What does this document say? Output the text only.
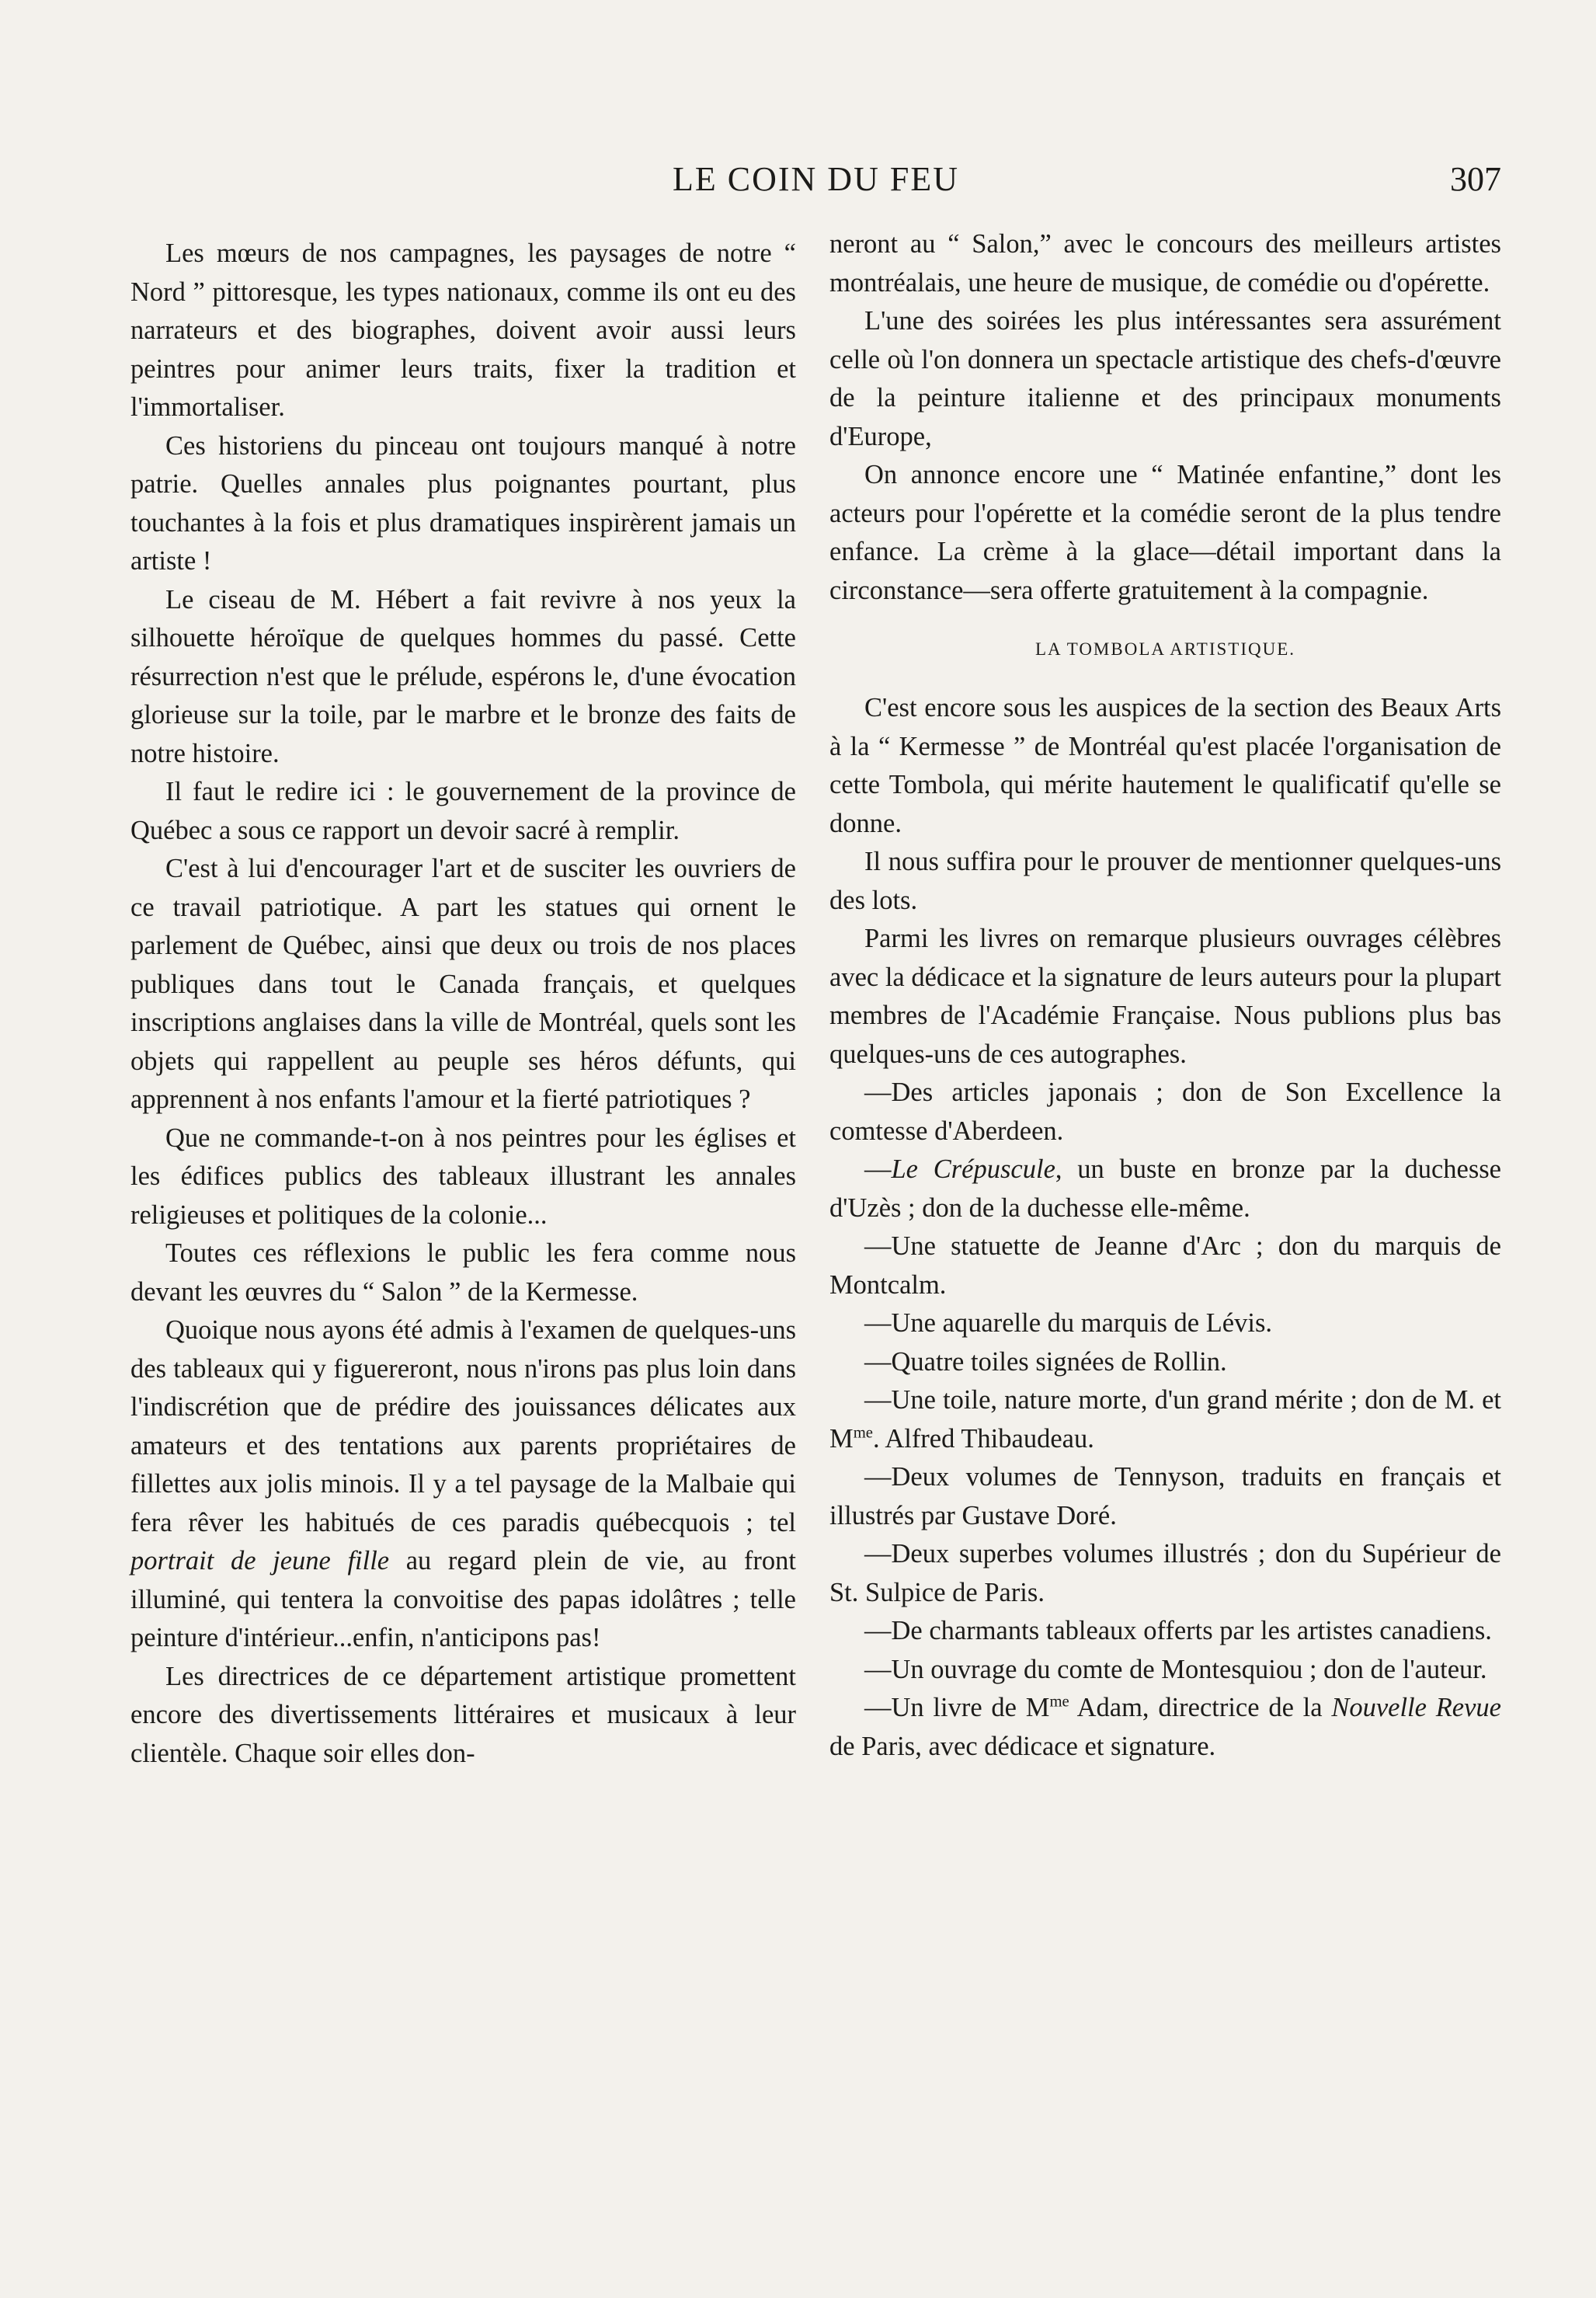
LE COIN DU FEU	307

Les mœurs de nos campagnes, les paysages de notre “ Nord ” pittoresque, les types nationaux, comme ils ont eu des narrateurs et des biographes, doivent avoir aussi leurs peintres pour animer leurs traits, fixer la tradition et l'immortaliser.

Ces historiens du pinceau ont toujours manqué à notre patrie. Quelles annales plus poignantes pourtant, plus touchantes à la fois et plus dramatiques inspirèrent jamais un artiste !

Le ciseau de M. Hébert a fait revivre à nos yeux la silhouette héroïque de quelques hommes du passé. Cette résurrection n'est que le prélude, espérons le, d'une évocation glorieuse sur la toile, par le marbre et le bronze des faits de notre histoire.

Il faut le redire ici : le gouvernement de la province de Québec a sous ce rapport un devoir sacré à remplir.

C'est à lui d'encourager l'art et de susciter les ouvriers de ce travail patriotique. A part les statues qui ornent le parlement de Québec, ainsi que deux ou trois de nos places publiques dans tout le Canada français, et quelques inscriptions anglaises dans la ville de Montréal, quels sont les objets qui rappellent au peuple ses héros défunts, qui apprennent à nos enfants l'amour et la fierté patriotiques ?

Que ne commande-t-on à nos peintres pour les églises et les édifices publics des tableaux illustrant les annales religieuses et politiques de la colonie...

Toutes ces réflexions le public les fera comme nous devant les œuvres du “ Salon ” de la Kermesse.

Quoique nous ayons été admis à l'examen de quelques-uns des tableaux qui y figuereront, nous n'irons pas plus loin dans l'indiscrétion que de prédire des jouissances délicates aux amateurs et des tentations aux parents propriétaires de fillettes aux jolis minois. Il y a tel paysage de la Malbaie qui fera rêver les habitués de ces paradis québecquois ; tel portrait de jeune fille au regard plein de vie, au front illuminé, qui tentera la convoitise des papas idolâtres ; telle peinture d'intérieur...enfin, n'anticipons pas!

Les directrices de ce département artistique promettent encore des divertissements littéraires et musicaux à leur clientèle. Chaque soir elles don-

neront au “ Salon,” avec le concours des meilleurs artistes montréalais, une heure de musique, de comédie ou d'opérette.

L'une des soirées les plus intéressantes sera assurément celle où l'on donnera un spectacle artistique des chefs-d'œuvre de la peinture italienne et des principaux monuments d'Europe,

On annonce encore une “ Matinée enfantine,” dont les acteurs pour l'opérette et la comédie seront de la plus tendre enfance. La crème à la glace—détail important dans la circonstance—sera offerte gratuitement à la compagnie.

LA TOMBOLA ARTISTIQUE.

C'est encore sous les auspices de la section des Beaux Arts à la “ Kermesse ” de Montréal qu'est placée l'organisation de cette Tombola, qui mérite hautement le qualificatif qu'elle se donne.

Il nous suffira pour le prouver de mentionner quelques-uns des lots.

Parmi les livres on remarque plusieurs ouvrages célèbres avec la dédicace et la signature de leurs auteurs pour la plupart membres de l'Académie Française. Nous publions plus bas quelques-uns de ces autographes.

—Des articles japonais ; don de Son Excellence la comtesse d'Aberdeen.

—Le Crépuscule, un buste en bronze par la duchesse d'Uzès ; don de la duchesse elle-même.

—Une statuette de Jeanne d'Arc ; don du marquis de Montcalm.

—Une aquarelle du marquis de Lévis.

—Quatre toiles signées de Rollin.

—Une toile, nature morte, d'un grand mérite ; don de M. et $M^{me}$. Alfred Thibaudeau.

—Deux volumes de Tennyson, traduits en français et illustrés par Gustave Doré.

—Deux superbes volumes illustrés ; don du Supérieur de St. Sulpice de Paris.

—De charmants tableaux offerts par les artistes canadiens.

—Un ouvrage du comte de Montesquiou ; don de l'auteur.

—Un livre de $M^{me}$ Adam, directrice de la Nouvelle Revue de Paris, avec dédicace et signature.
